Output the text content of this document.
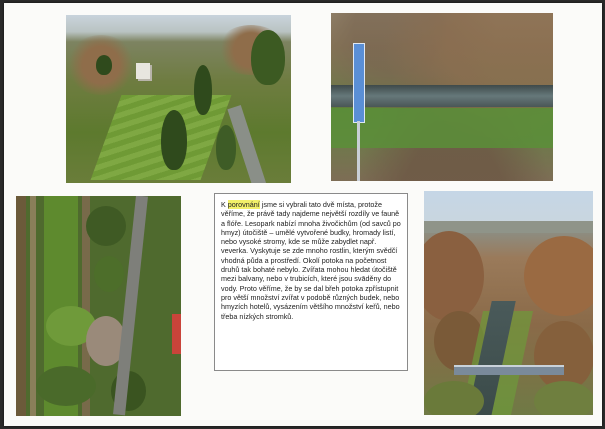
K porovnání jsme si vybrali tato dvě místa, protože věříme, že právě tady najdeme největší rozdíly ve fauně a flóře. Lesopark nabízí mnoha živočichům (od savců po hmyz) útočiště – umělé vytvořené budky, hromady listí, nebo vysoké stromy, kde se může zabydlet např. veverka. Vyskytuje se zde mnoho rostlin, kterým svědčí vhodná půda a prostředí. Okolí potoka na početnost druhů tak bohaté nebylo. Zvířata mohou hledat útočiště mezi balvany, nebo v trubicích, které jsou svāděny do vody. Proto věříme, že by se dal břeh potoka zpřístupnit pro větší množství zvířat v podobě různých budek, nebo hmyzích hotelů, vysázením většího množství keřů, nebo třeba nízkých stromků.
